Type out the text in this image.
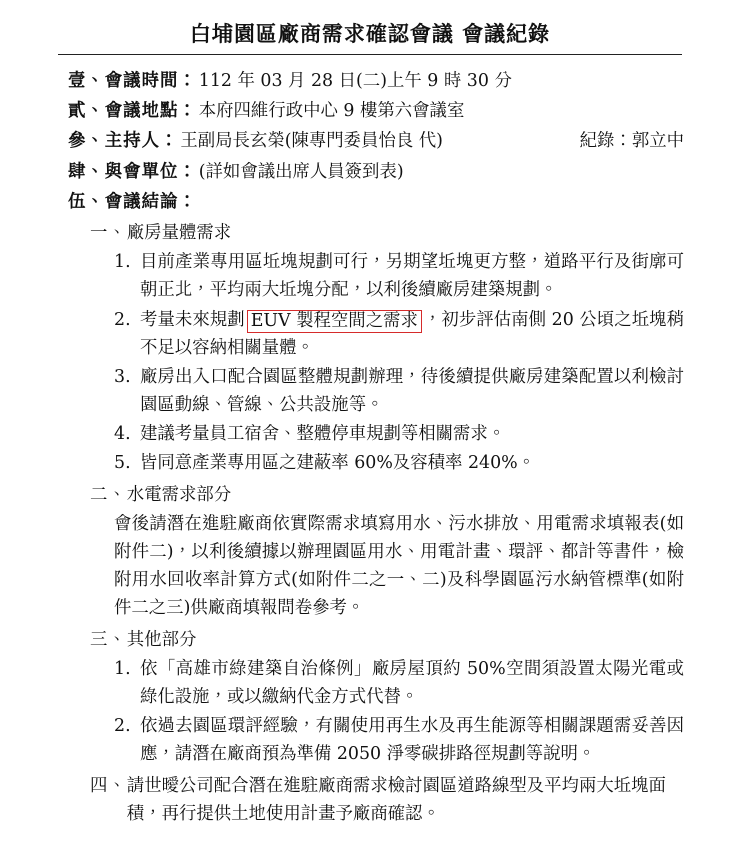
白埔園區廠商需求確認會議 會議紀錄
壹、會議時間： 112 年 03 月 28 日(二)上午 9 時 30 分
貳、會議地點： 本府四維行政中心 9 樓第六會議室
參、主持人： 王副局長玄榮(陳專門委員怡良 代)	紀錄：郭立中
肆、與會單位： (詳如會議出席人員簽到表)
伍、會議結論：
一、 廠房量體需求
1. 目前產業專用區坵塊規劃可行，另期望坵塊更方整，道路平行及街廓可朝正北，平均兩大坵塊分配，以利後續廠房建築規劃。
2. 考量未來規劃 EUV 製程空間之需求 ，初步評估南側 20 公頃之坵塊稍不足以容納相關量體。
3. 廠房出入口配合園區整體規劃辦理，待後續提供廠房建築配置以利檢討園區動線、管線、公共設施等。
4. 建議考量員工宿舍、整體停車規劃等相關需求。
5. 皆同意產業專用區之建蔽率 60%及容積率 240%。
二、 水電需求部分
會後請潛在進駐廠商依實際需求填寫用水、污水排放、用電需求填報表(如附件二)，以利後續據以辦理園區用水、用電計畫、環評、都計等書件，檢附用水回收率計算方式(如附件二之一、二)及科學園區污水納管標準(如附件二之三)供廠商填報問卷參考。
三、 其他部分
1. 依「高雄市綠建築自治條例」廠房屋頂約 50%空間須設置太陽光電或綠化設施，或以繳納代金方式代替。
2. 依過去園區環評經驗，有關使用再生水及再生能源等相關課題需妥善因應，請潛在廠商預為準備 2050 淨零碳排路徑規劃等說明。
四、 請世曖公司配合潛在進駐廠商需求檢討園區道路線型及平均兩大坵塊面積，再行提供土地使用計畫予廠商確認。
